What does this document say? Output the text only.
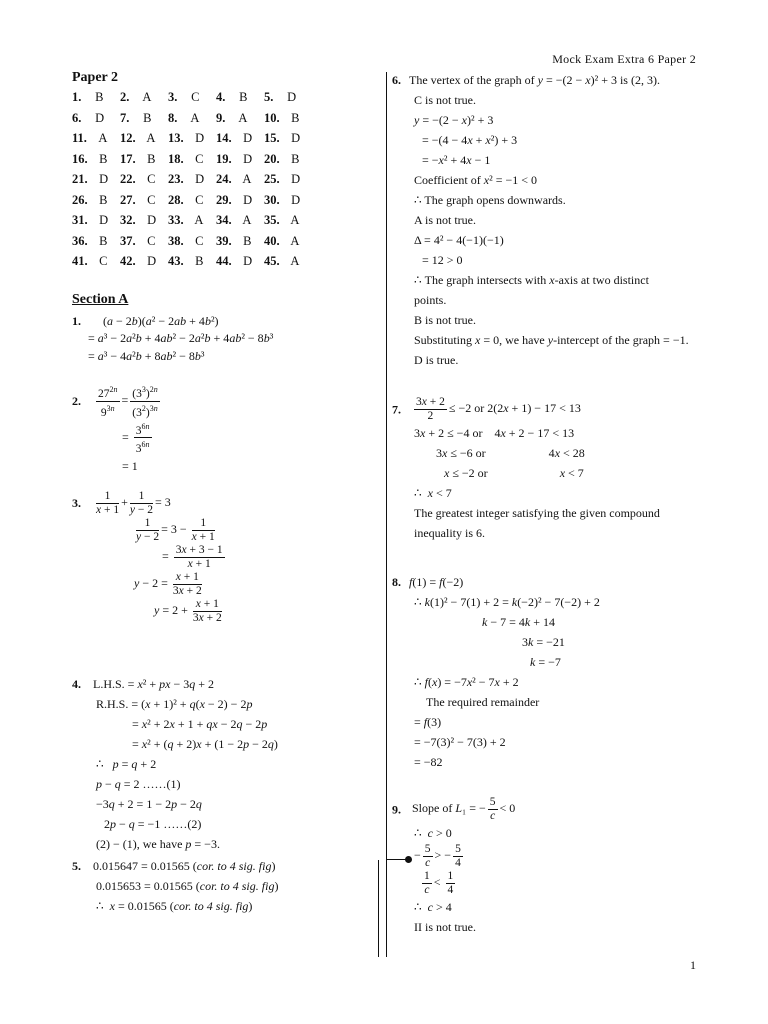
Mock Exam Extra 6 Paper 2
Paper 2
1. B 2. A 3. C 4. B 5. D
6. D 7. B 8. A 9. A 10. B
11. A 12. A 13. D 14. D 15. D
16. B 17. B 18. C 19. D 20. B
21. D 22. C 23. D 24. A 25. D
26. B 27. C 28. C 29. D 30. D
31. D 32. D 33. A 34. A 35. A
36. B 37. C 38. C 39. B 40. A
41. C 42. D 43. B 44. D 45. A
Section A
1. (a − 2b)(a² − 2ab + 4b²)
= a³ − 2a²b + 4ab² − 2a²b + 4ab² − 8b³
= a³ − 4a²b + 8ab² − 8b³
2. $\frac{27^{2n}}{9^{3n}} = \frac{(3^3)^{2n}}{(3^2)^{3n}}$

= $\frac{3^{6n}}{3^{6n}}$

= 1
3. $\frac{1}{x + 1} + \frac{1}{y - 2} = 3$

$\frac{1}{y - 2} = 3 - \frac{1}{x + 1}$

= $\frac{3x + 3 - 1}{x + 1}$

$y - 2 = \frac{x + 1}{3x + 2}$

$y = 2 + \frac{x + 1}{3x + 2}$
4. L.H.S. = x² + px − 3q + 2
R.H.S. = (x + 1)² + q(x − 2) − 2p
= x² + 2x + 1 + qx − 2q − 2p
= x² + (q + 2)x + (1 − 2p − 2q)
∴   p = q + 2
p − q = 2 ……(1)
−3q + 2 = 1 − 2p − 2q
2p − q = −1 ……(2)
(2) − (1), we have p = −3.
5. 0.015647 = 0.01565 (cor. to 4 sig. fig)
0.015653 = 0.01565 (cor. to 4 sig. fig)
∴  x = 0.01565 (cor. to 4 sig. fig)
6. The vertex of the graph of y = −(2 − x)² + 3 is (2, 3).
C is not true.
y = −(2 − x)² + 3
= −(4 − 4x + x²) + 3
= −x² + 4x − 1
Coefficient of x² = −1 < 0
∴ The graph opens downwards.
A is not true.
Δ = 4² − 4(−1)(−1)
= 12 > 0
∴ The graph intersects with x-axis at two distinct
points.
B is not true.
Substituting x = 0, we have y-intercept of the graph = −1.
D is true.
7. $\frac{3x + 2}{2} \le -2$ or 2(2x + 1) − 17 < 13
3x + 2 ≤ −4 or    4x + 2 − 17 < 13
3x ≤ −6 or                     4x < 28
x ≤ −2 or                        x < 7
∴  x < 7
The greatest integer satisfying the given compound
inequality is 6.
8. f(1) = f(−2)
∴ k(1)² − 7(1) + 2 = k(−2)² − 7(−2) + 2
k − 7 = 4k + 14
3k = −21
k = −7
∴ f(x) = −7x² − 7x + 2
The required remainder
= f(3)
= −7(3)² − 7(3) + 2
= −82
9. Slope of L₁ = − $\frac{5}{c} < 0$
∴  c > 0
− $\frac{5}{c}$ > − $\frac{5}{4}$

$\frac{1}{c} < \frac{1}{4}$

∴  c > 4
II is not true.
1
